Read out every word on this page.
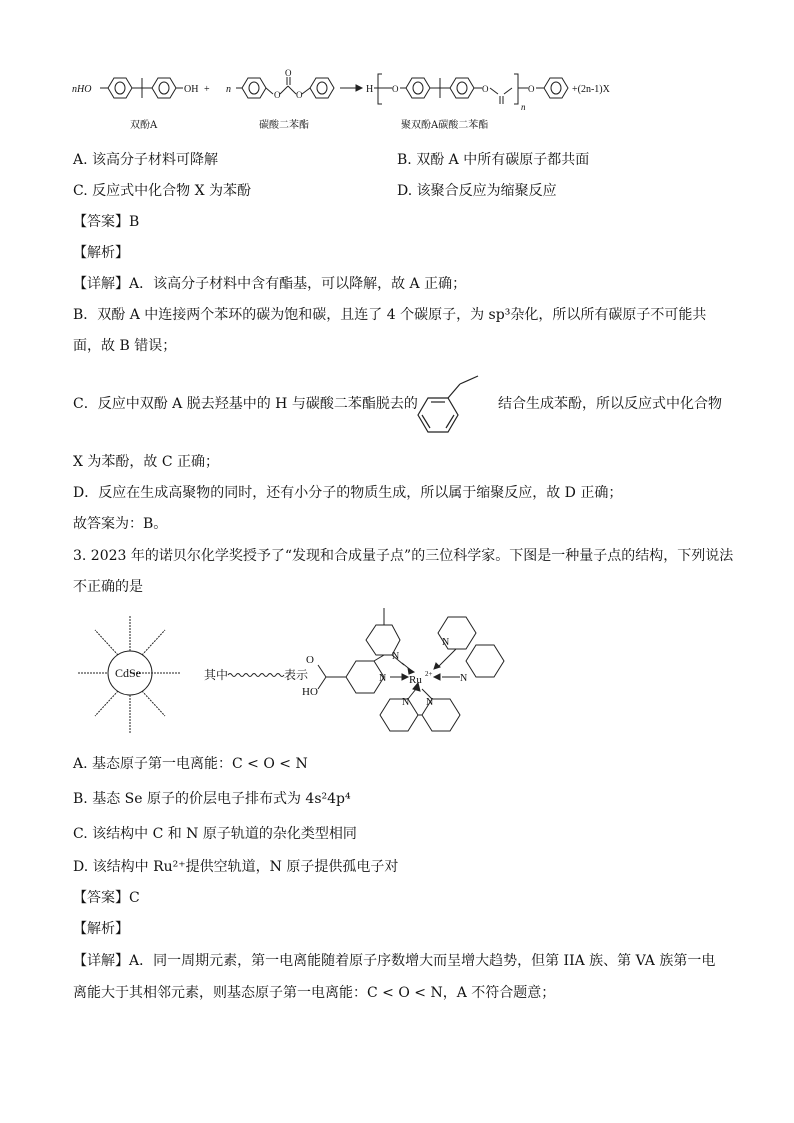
nHO	OH + n	O
O
O	H O	O
n
O	+(2n-1)X
双酚A	碳酸二苯酯	聚双酚A碳酸二苯酯
A. 该高分子材料可降解	B. 双酚 A 中所有碳原子都共面
C. 反应式中化合物 X 为苯酚	D. 该聚合反应为缩聚反应
【答案】B
【解析】
【详解】A．该高分子材料中含有酯基，可以降解，故 A 正确；
B．双酚 A 中连接两个苯环的碳为饱和碳，且连了 4 个碳原子，为 sp³杂化，所以所有碳原子不可能共
面，故 B 错误；
C．反应中双酚 A 脱去羟基中的 H 与碳酸二苯酯脱去的	结合生成苯酚，所以反应式中化合物
X 为苯酚，故 C 正确；
D．反应在生成高聚物的同时，还有小分子的物质生成，所以属于缩聚反应，故 D 正确；
故答案为：B。
3. 2023 年的诺贝尔化学奖授予了“发现和合成量子点”的三位科学家。下图是一种量子点的结构，下列说法
不正确的是
CdSe	其中	表示
O
HO
N
N
Ru 2+
N
N
N N
A. 基态原子第一电离能：C < O < N
B. 基态 Se 原子的价层电子排布式为 4s²4p⁴
C. 该结构中 C 和 N 原子轨道的杂化类型相同
D. 该结构中 Ru²⁺提供空轨道，N 原子提供孤电子对
【答案】C
【解析】
【详解】A．同一周期元素，第一电离能随着原子序数增大而呈增大趋势，但第 IIA 族、第 VA 族第一电
离能大于其相邻元素，则基态原子第一电离能：C < O < N，A 不符合题意；
